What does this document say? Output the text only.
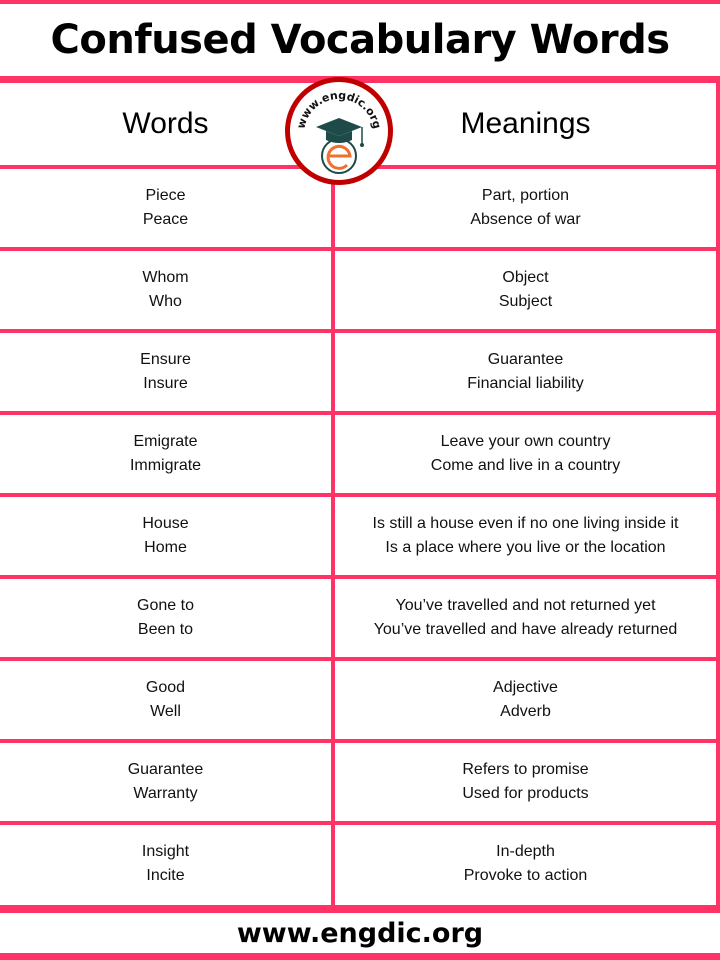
Confused Vocabulary Words
www.engdic.org
Words	Meanings
Piece
Peace
Part, portion
Absence of war
Whom
Who
Object
Subject
Ensure
Insure
Guarantee
Financial liability
Emigrate
Immigrate
Leave your own country
Come and live in a country
House
Home
Is still a house even if no one living inside it
Is a place where you live or the location
Gone to
Been to
You’ve travelled and not returned yet
You’ve travelled and have already returned
Good
Well
Adjective
Adverb
Guarantee
Warranty
Refers to promise
Used for products
Insight
Incite
In-depth
Provoke to action
www.engdic.org
